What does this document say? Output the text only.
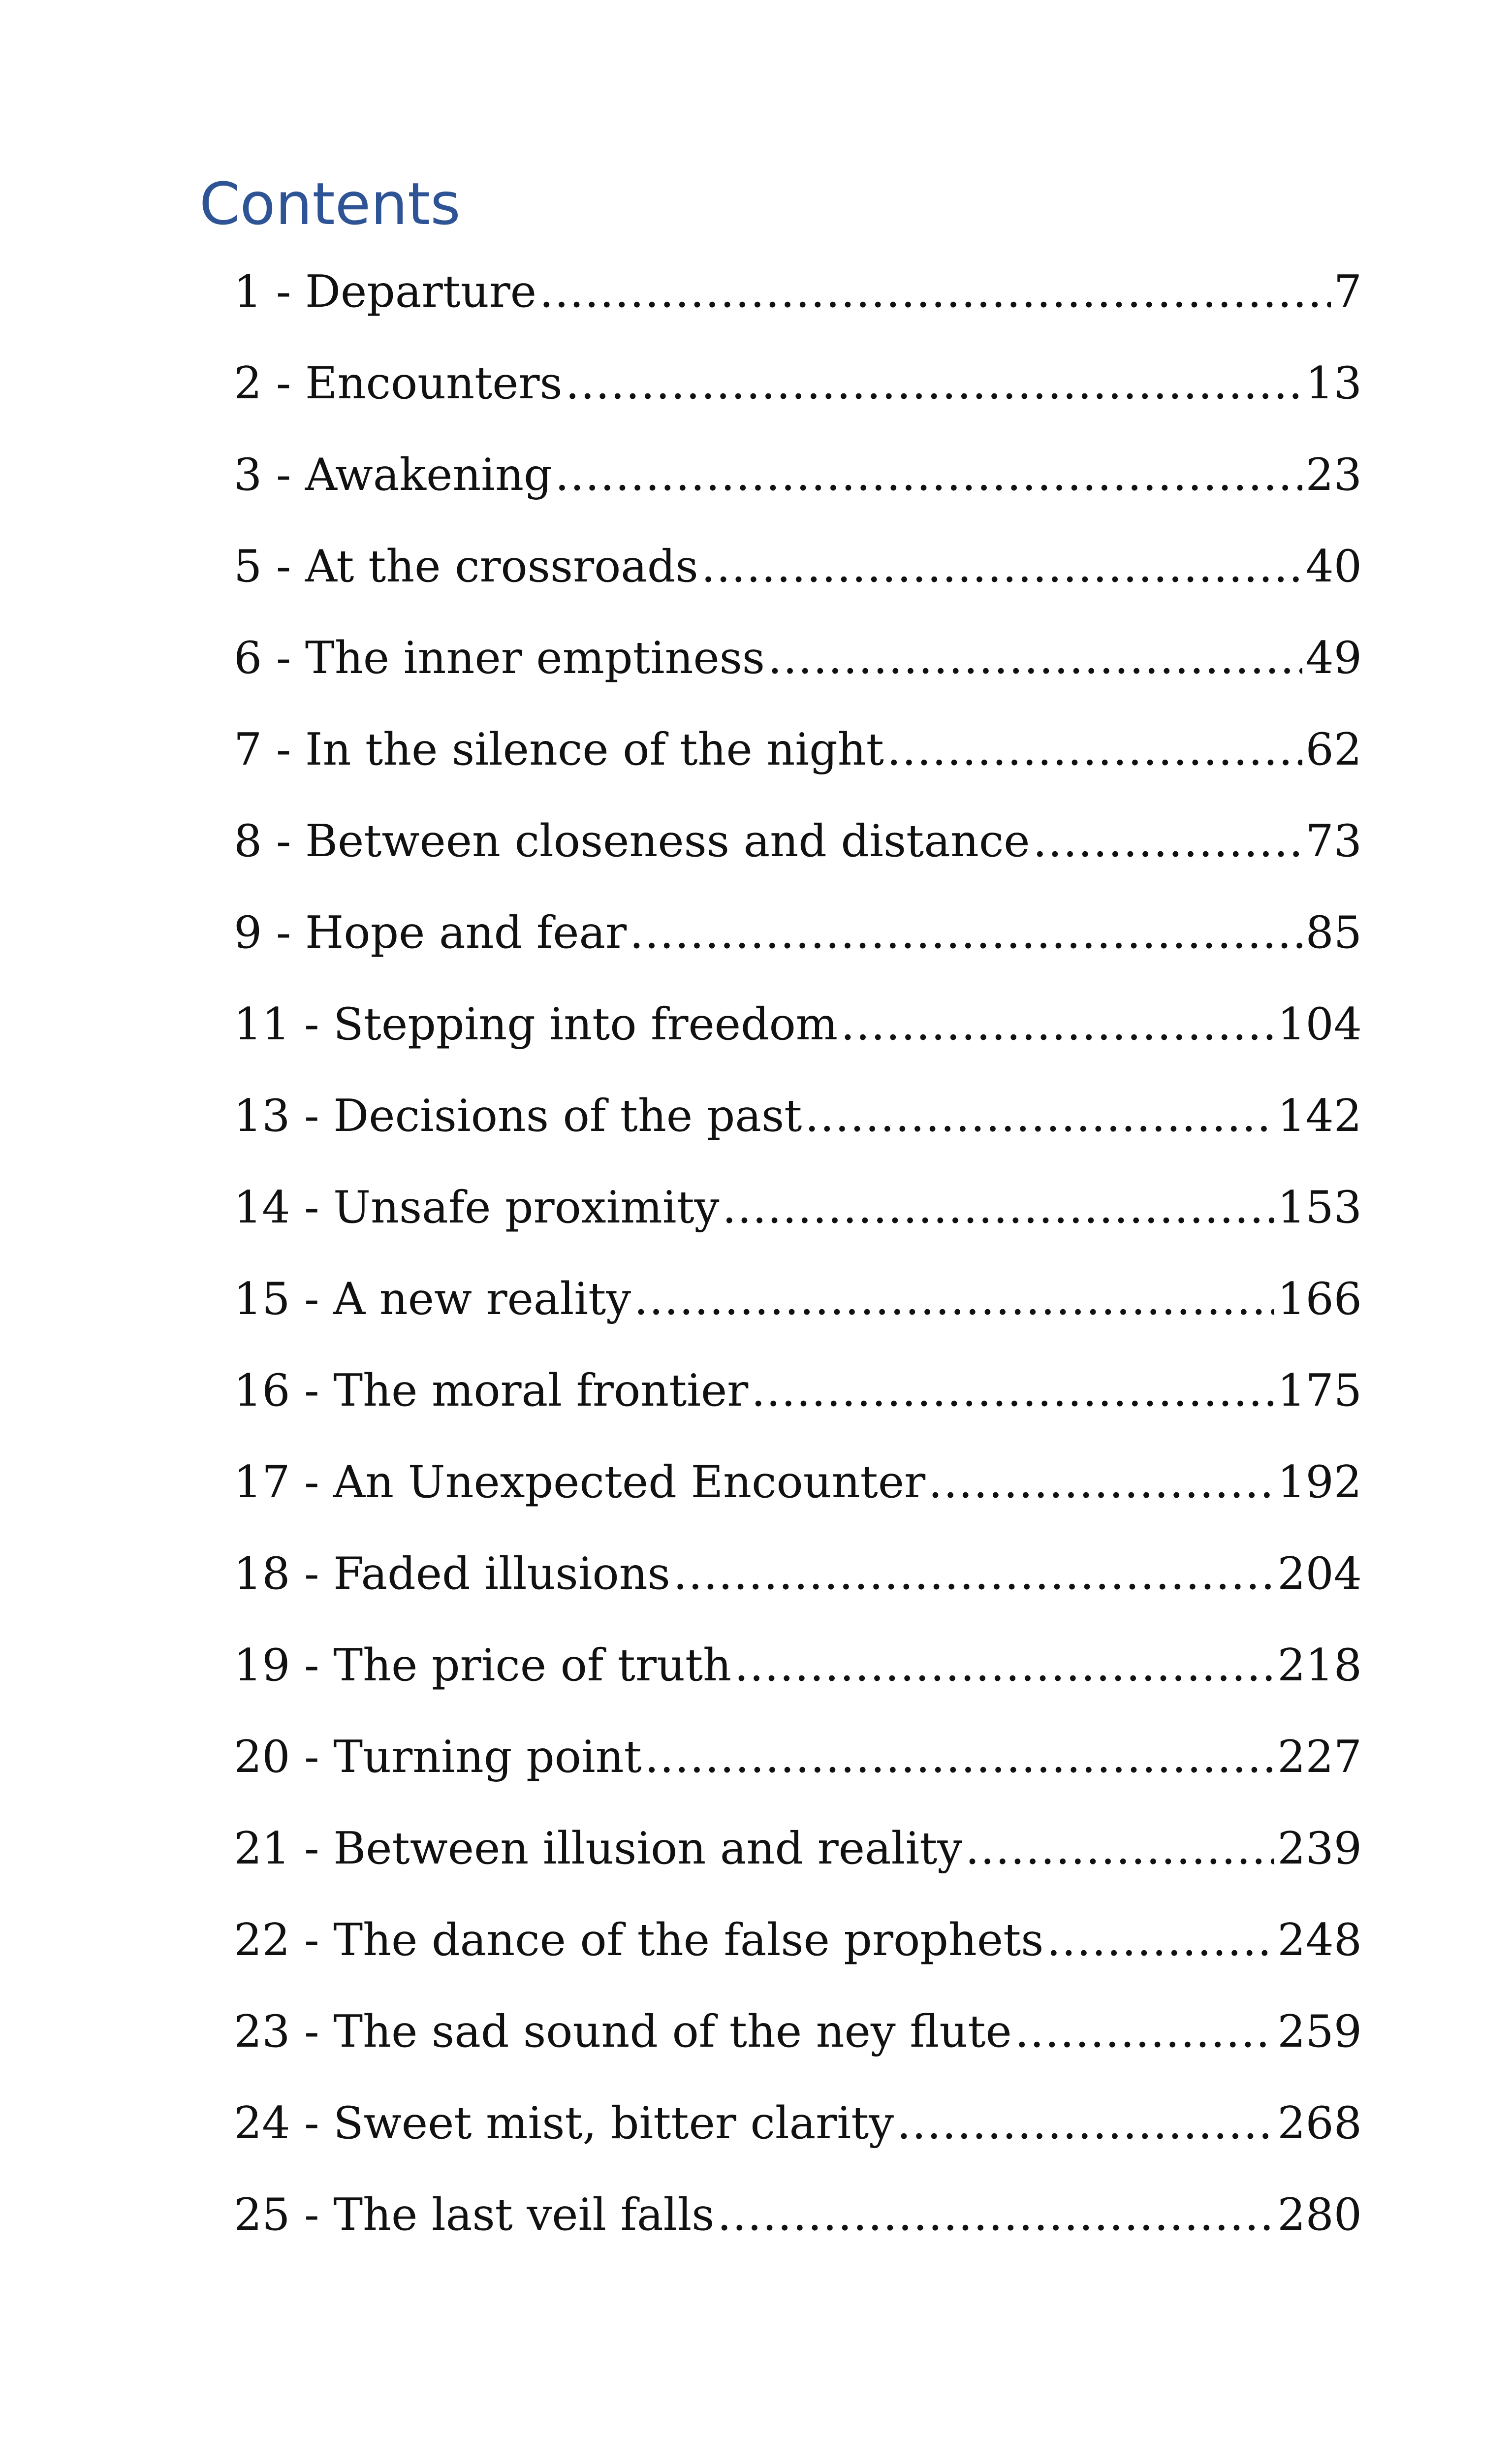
Contents
1 - Departure .....	7
2 - Encounters .....	13
3 - Awakening .....	23
5 - At the crossroads .....	40
6 - The inner emptiness .....	49
7 - In the silence of the night .....	62
8 - Between closeness and distance .....	73
9 - Hope and fear .....	85
11 - Stepping into freedom .....	104
13 - Decisions of the past .....	142
14 - Unsafe proximity .....	153
15 - A new reality .....	166
16 - The moral frontier .....	175
17 - An Unexpected Encounter .....	192
18 - Faded illusions .....	204
19 - The price of truth .....	218
20 - Turning point .....	227
21 - Between illusion and reality .....	239
22 - The dance of the false prophets .....	248
23 - The sad sound of the ney flute .....	259
24 - Sweet mist, bitter clarity .....	268
25 - The last veil falls .....	280
